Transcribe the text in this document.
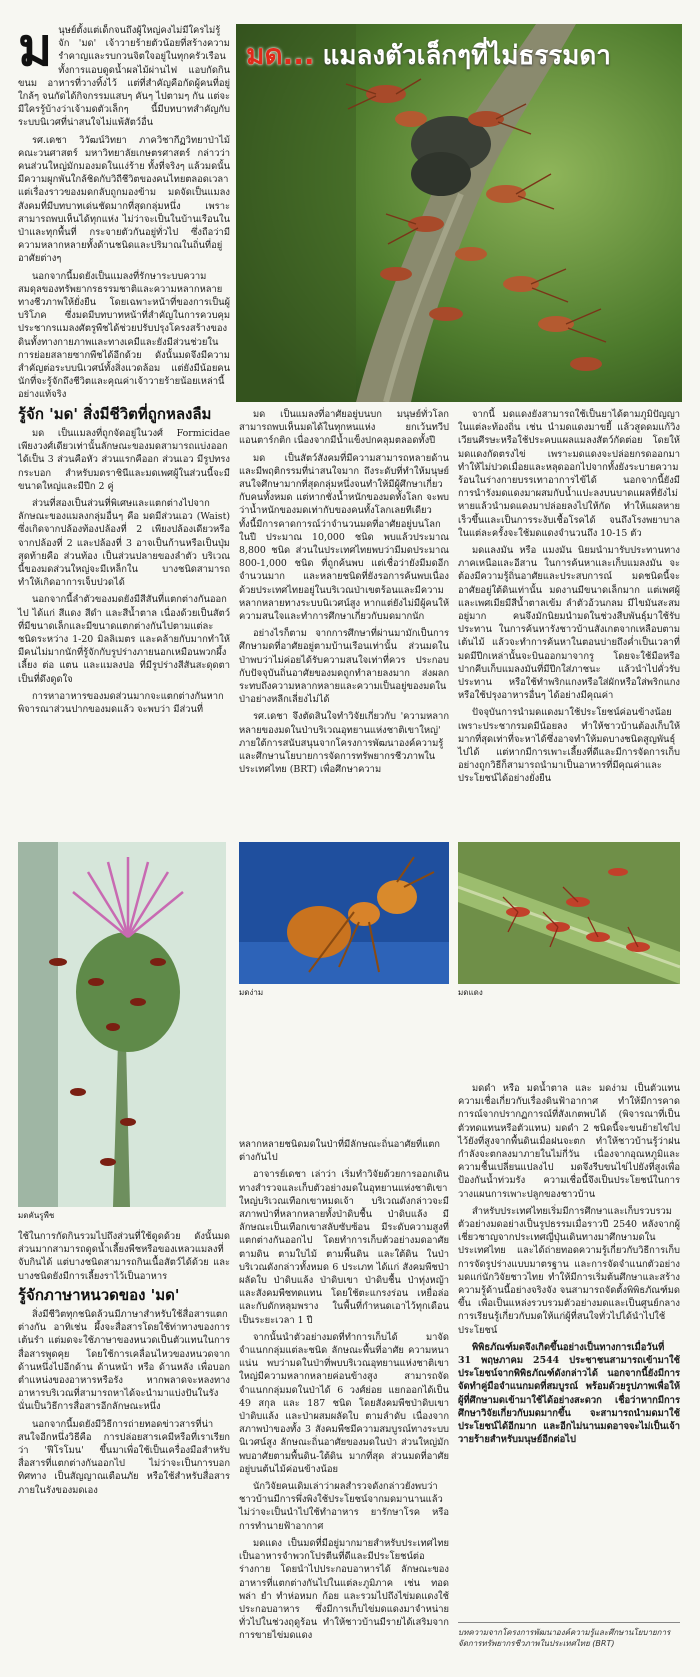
มด... แมลงตัวเล็กๆที่ไม่ธรรมดา

มนุษย์ตั้งแต่เด็กจนถึงผู้ใหญ่คงไม่มีใครไม่รู้จัก 'มด' เจ้าวายร้ายตัวน้อยที่สร้างความรำคาญและรบกวนจิตใจอยู่ในทุกครัวเรือน ทั้งการแอบดูดน้ำผลไม้ผ่านไฟ แอบกัดกินขนม อาหารที่วางทิ้งไว้ แต่ที่สำคัญคือกัดผู้คนที่อยู่ใกล้ๆ จนกัดได้กิจกรรมแสบๆ คันๆ ไปตามๆ กัน แต่จะมีใครรู้บ้างว่าเจ้ามดตัวเล็กๆ นี้มีบทบาทสำคัญกับระบบนิเวศที่น่าสนใจไม่แพ้สัตว์อื่น

รศ.เดชา วิวัฒน์วิทยา ภาควิชากีฏวิทยาป่าไม้ คณะวนศาสตร์ มหาวิทยาลัยเกษตรศาสตร์ กล่าวว่า คนส่วนใหญ่มักมองมดในแง่ร้าย ทั้งที่จริงๆ แล้วมดนั้นมีความผูกพันใกล้ชิดกับวิถีชีวิตของคนไทยตลอดเวลาแต่เรื่องราวของมดกลับถูกมองข้าม มดจัดเป็นแมลงสังคมที่มีบทบาทเด่นชัดมากที่สุดกลุ่มหนึ่ง เพราะสามารถพบเห็นได้ทุกแห่ง ไม่ว่าจะเป็นในบ้านเรือนในป่าและทุกพื้นที่ กระจายตัวกันอยู่ทั่วไป ซึ่งถือว่ามีความหลากหลายทั้งด้านชนิดและปริมาณในถิ่นที่อยู่อาศัยต่างๆ

นอกจากนี้มดยังเป็นแมลงที่รักษาระบบความสมดุลของทรัพยากรธรรมชาติและความหลากหลายทางชีวภาพให้ยั่งยืน โดยเฉพาะหน้าที่ของการเป็นผู้บริโภค ซึ่งมดมีบทบาทหน้าที่สำคัญในการควบคุมประชากรแมลงศัตรูพืชได้ช่วยปรับปรุงโครงสร้างของดินทั้งทางกายภาพและทางเคมีและยังมีส่วนช่วยในการย่อยสลายซากพืชได้อีกด้วย ดังนั้นมดจึงมีความสำคัญต่อระบบนิเวศน์ทั้งสิ่งแวดล้อม แต่ยังมีน้อยคนนักที่จะรู้จักถึงชีวิตและคุณค่าเจ้าวายร้ายน้อยเหล่านี้อย่างแท้จริง

รู้จัก 'มด' สิ่งมีชีวิตที่ถูกหลงลืม

มด เป็นแมลงที่ถูกจัดอยู่ในวงศ์ Formicidae เพียงวงศ์เดียวเท่านั้นลักษณะของมดสามารถแบ่งออกได้เป็น 3 ส่วนคือหัว ส่วนแรกคืออก ส่วนเอว มีรูปทรงกระบอก สำหรับมดราชินีและมดเพศผู้ในส่วนนี้จะมีขนาดใหญ่และมีปีก 2 คู่

ส่วนที่สองเป็นส่วนที่พิเศษและแตกต่างไปจากลักษณะของแมลงกลุ่มอื่นๆ คือ มดมีส่วนเอว (Waist) ซึ่งเกิดจากปล้องท้องปล้องที่ 2 เพียงปล้องเดียวหรือจากปล้องที่ 2 และปล้องที่ 3 อาจเป็นก้านหรือเป็นปุ่ม สุดท้ายคือ ส่วนท้อง เป็นส่วนปลายของลำตัว บริเวณนี้ของมดส่วนใหญ่จะมีเหล็กใน บางชนิดสามารถทำให้เกิดอาการเจ็บปวดได้

นอกจากนี้ลำตัวของมดยังมีสีสันที่แตกต่างกันออกไป ได้แก่ สีแดง สีดำ และสีน้ำตาล เนื่องด้วยเป็นสัตว์ที่มีขนาดเล็กและมีขนาดแตกต่างกันไปตามแต่ละชนิดระหว่าง 1-20 มิลลิเมตร และคล้ายกับมากทำให้มีคนไม่มากนักที่รู้จักกับรูปร่างภายนอกเหมือนพวกผึ้งเลี้ยง ต่อ แตน และแมลงปอ ที่มีรูปร่างสีสันสะดุดตาเป็นที่ดึงดูดใจ

การหาอาหารของมดส่วนมากจะแตกต่างกันหากพิจารณาส่วนปากของมดแล้ว จะพบว่า มีส่วนที่

มด เป็นแมลงที่อาศัยอยู่บนบก มนุษย์ทั่วโลกสามารถพบเห็นมดได้ในทุกหนแห่ง ยกเว้นทวีปแอนตาร์กติก เนื่องจากมีน้ำแข็งปกคลุมตลอดทั้งปี

มด เป็นสัตว์สังคมที่มีความสามารถหลายด้านและมีพฤติกรรมที่น่าสนใจมาก ถึงระดับที่ทำให้มนุษย์สนใจศึกษามากที่สุดกลุ่มหนึ่งจนทำให้มีผู้ศึกษาเกี่ยวกับคนทั้งหมด แต่หากชั่งน้ำหนักของมดทั้งโลก จะพบว่าน้ำหนักของมดเท่ากับของคนทั้งโลกเลยทีเดียว ทั้งนี้มีการคาดการณ์ว่าจำนวนมดที่อาศัยอยู่บนโลกในปี ประมาณ 10,000 ชนิด พบแล้วประมาณ 8,800 ชนิด ส่วนในประเทศไทยพบว่ามีมดประมาณ 800-1,000 ชนิด ที่ถูกค้นพบ แต่เชื่อว่ายังมีมดอีกจำนวนมาก และหลายชนิดที่ยังรอการค้นพบเนื่องด้วยประเทศไทยอยู่ในบริเวณป่าเขตร้อนและมีความหลากหลายทางระบบนิเวศน์สูง หากแต่ยังไม่มีผู้คนให้ความสนใจและทำการศึกษาเกี่ยวกับมดมากนัก

อย่างไรก็ตาม จากการศึกษาที่ผ่านมามักเป็นการศึกษามดที่อาศัยอยู่ตามบ้านเรือนเท่านั้น ส่วนมดในป่าพบว่าไม่ค่อยได้รับความสนใจเท่าที่ควร ประกอบกับปัจจุบันถิ่นอาศัยของมดถูกทำลายลงมาก ส่งผลกระทบถึงความหลากหลายและความเป็นอยู่ของมดในป่าอย่างหลีกเลี่ยงไม่ได้

รศ.เดชา จึงตัดสินใจทำวิจัยเกี่ยวกับ 'ความหลากหลายของมดในป่าบริเวณอุทยานแห่งชาติเขาใหญ่' ภายใต้การสนับสนุนจากโครงการพัฒนาองค์ความรู้และศึกษานโยบายการจัดการทรัพยากรชีวภาพในประเทศไทย (BRT) เพื่อศึกษาความ

จากนี้ มดแดงยังสามารถใช้เป็นยาได้ตามภูมิปัญญาในแต่ละท้องถิ่น เช่น นำมดแดงมาขยี้ แล้วสูดดมแก้วิงเวียนศีรษะหรือใช้ประคบแผลแมลงสัตว์กัดต่อย โดยให้มดแดงกัดตรงไข่ เพราะมดแดงจะปล่อยกรดออกมาทำให้ไม่ปวดเมื่อยและหลุดออกไปจากทั้งยังระบายความร้อนในร่างกายบรรเทาอาการไข้ได้ นอกจากนี้ยังมีการนำรังมดแดงมาผสมกับน้ำแปะลงบนบาดแผลที่ยังไม่หายแล้วนำมดแดงมาปล่อยลงไปให้กัด ทำให้แผลหายเร็วขึ้นและเป็นการระงับเชื้อโรคได้ จนถึงโรงพยาบาล ในแต่ละครั้งจะใช้มดแดงจำนวนถึง 10-15 ตัว

มดแลงมัน หรือ แมงมัน นิยมนำมารับประทานทางภาคเหนือและอีสาน ในการค้นหาและเก็บแมลงมัน จะต้องมีความรู้ถิ่นอาศัยและประสบการณ์ มดชนิดนี้จะอาศัยอยู่ใต้ดินเท่านั้น มดงานมีขนาดเล็กมาก แต่เพศผู้และเพศเมียมีสีน้ำตาลเข้ม ลำตัวอ้วนกลม มีไขมันสะสมอยู่มาก คนจึงมักนิยมนำมดในช่วงสืบพันธุ์มาใช้รับประทาน ในการค้นหารังชาวบ้านสังเกตจากเหลือบตามเต้นไม้ แล้วจะทำการค้นหาในตอนบ่ายถึงค่ำเป็นเวลาที่มดมีปีกเหล่านั้นจะบินออกมาจากรู โดยจะใช้มือหรือปากคีบเก็บแมลงมันที่มีปีกใส่ภาชนะ แล้วนำไปคั่วรับประทาน หรือใช้ทำพริกแกงหรือใส่ผักหรือใส่พริกแกงหรือใช้ปรุงอาหารอื่นๆ ได้อย่างมีคุณค่า

ปัจจุบันการนำมดแดงมาใช้ประโยชน์ค่อนข้างน้อย เพราะประชากรมดมีน้อยลง ทำให้ชาวบ้านต้องเก็บให้มากที่สุดเท่าที่จะหาได้ซึ่งอาจทำให้มดบางชนิดสูญพันธุ์ไปได้ แต่หากมีการเพาะเลี้ยงที่ดีและมีการจัดการเก็บอย่างถูกวิธีก็สามารถนำมาเป็นอาหารที่มีคุณค่าและประโยชน์ได้อย่างยั่งยืน

มดคันรูพืช
มดง่าม	มดแดง

ใช้ในการกัดกินรวมไปถึงส่วนที่ใช้ดูดด้วย ดังนั้นมดส่วนมากสามารถดูดน้ำเลี้ยงพืชหรือของเหลวแมลงที่จับกินได้ แต่บางชนิดสามารถกินเนื้อสัตว์ได้ด้วย และบางชนิดยังมีการเลี้ยงราไว้เป็นอาหาร

รู้จักภาษาหนวดของ 'มด'

สิ่งมีชีวิตทุกชนิดล้วนมีภาษาสำหรับใช้สื่อสารแตกต่างกัน อาทิเช่น ผึ้งจะสื่อสารโดยใช้ท่าทางของการเต้นรำ แต่มดจะใช้ภาษาของหนวดเป็นตัวแทนในการสื่อสารพูดคุย โดยใช้การเคลื่อนไหวของหนวดจากด้านหนึ่งไปอีกด้าน ด้านหน้า หรือ ด้านหลัง เพื่อบอกตำแหน่งของอาหารหรือรัง หากพลาดจะหลงทาง อาหารบริเวณที่สามารถหาได้จะนำมาแบ่งปันในรัง นั่นเป็นวิธีการสื่อสารอีกลักษณะหนึ่ง

นอกจากนี้มดยังมีวิธีการถ่ายทอดข่าวสารที่น่าสนใจอีกหนึ่งวิธีคือ การปล่อยสารเคมีหรือที่เราเรียกว่า 'ฟีโรโมน' ขึ้นมาเพื่อใช้เป็นเครื่องมือสำหรับสื่อสารที่แตกต่างกันออกไป ไม่ว่าจะเป็นการบอกทิศทาง เป็นสัญญาณเตือนภัย หรือใช้สำหรับสื่อสารภายในรังของมดเอง

หลากหลายชนิดมดในป่าที่มีลักษณะถิ่นอาศัยที่แตกต่างกันไป

อาจารย์เดชา เล่าว่า เริ่มทำวิจัยด้วยการออกเดินทางสำรวจและเก็บตัวอย่างมดในอุทยานแห่งชาติเขาใหญ่บริเวณเทือกเขาหมดเจ้า บริเวณดังกล่าวจะมีสภาพป่าที่หลากหลายทั้งป่าดิบชื้น ป่าดิบแล้ง มีลักษณะเป็นเทือกเขาสลับซับซ้อน มีระดับความสูงที่แตกต่างกันออกไป โดยทำการเก็บตัวอย่างมดอาศัยตามดิน ตามใบไม้ ตามพื้นดิน และใต้ดิน ในป่าบริเวณดังกล่าวทั้งหมด 6 ประเภท ได้แก่ สังคมพืชป่าผลัดใบ ป่าดิบแล้ง ป่าดิบเขา ป่าดิบชื้น ป่าทุ่งหญ้า และสังคมพืชทดแทน โดยใช้ตะแกรงร่อน เหยื่อล่อและกับดักหลุมพราง ในพื้นที่กำหนดเอาไว้ทุกเดือน เป็นระยะเวลา 1 ปี

จากนั้นนำตัวอย่างมดที่ทำการเก็บได้ มาจัดจำแนกกลุ่มแต่ละชนิด ลักษณะพื้นที่อาศัย ความหนาแน่น พบว่ามดในป่าที่พบบริเวณอุทยานแห่งชาติเขาใหญ่มีความหลากหลายค่อนข้างสูง สามารถจัดจำแนกกลุ่มมดในป่าได้ 6 วงศ์ย่อย แยกออกได้เป็น 49 สกุล และ 187 ชนิด โดยสังคมพืชป่าดิบเขา ป่าดิบแล้ง และป่าผสมผลัดใบ ตามลำดับ เนื่องจากสภาพป่าของทั้ง 3 สังคมพืชมีความสมบูรณ์ทางระบบนิเวศน์สูง ลักษณะถิ่นอาศัยของมดในป่า ส่วนใหญ่มักพบอาศัยตามพื้นดิน-ใต้ดิน มากที่สุด ส่วนมดที่อาศัยอยู่บนต้นไม้ค่อนข้างน้อย

นักวิจัยคนเดิมเล่าว่าผลสำรวจดังกล่าวยังพบว่า ชาวบ้านมีการพึ่งพิงใช้ประโยชน์จากมดมานานแล้ว ไม่ว่าจะเป็นนำไปใช้ทำอาหาร ยารักษาโรค หรือ การทำนายฟ้าอากาศ

มดแดง เป็นมดที่มีอยู่มากมายสำหรับประเทศไทยเป็นอาหารจำพวกโปรตีนที่ดีและมีประโยชน์ต่อร่างกาย โดยนำไปประกอบอาหารได้ ลักษณะของอาหารที่แตกต่างกันไปในแต่ละภูมิภาค เช่น ทอด พล่า ยำ ทำห่อหมก ก้อย และรวมไปถึงไข่มดแดงใช้ประกอบอาหาร ซึ่งมีการเก็บไข่มดแดงมาจำหน่ายทั่วไปในช่วงฤดูร้อน ทำให้ชาวบ้านมีรายได้เสริมจากการขายไข่มดแดง

มดดำ หรือ มดน้ำตาล และ มดง่าม เป็นตัวแทนความเชื่อเกี่ยวกับเรื่องดินฟ้าอากาศ ทำให้มีการคาดการณ์จากปรากฏการณ์ที่สังเกตพบได้ (พิจารณาที่เป็นตัวทดแทนหรือตัวแทน) มดดำ 2 ชนิดนี้จะขนย้ายไข่ไปไว้ยังที่สูงจากพื้นดินเมื่อฝนจะตก ทำให้ชาวบ้านรู้ว่าฝนกำลังจะตกลงมาภายในไม่กี่วัน เนื่องจากอุณหภูมิและความชื้นเปลี่ยนแปลงไป มดจึงรีบขนไข่ไปยังที่สูงเพื่อป้องกันน้ำท่วมรัง ความเชื่อนี้จึงเป็นประโยชน์ในการวางแผนการเพาะปลูกของชาวบ้าน

สำหรับประเทศไทยเริ่มมีการศึกษาและเก็บรวบรวมตัวอย่างมดอย่างเป็นรูปธรรมเมื่อราวปี 2540 หลังจากผู้เชี่ยวชาญจากประเทศญี่ปุ่นเดินทางมาศึกษามดในประเทศไทย และได้ถ่ายทอดความรู้เกี่ยวกับวิธีการเก็บ การจัดรูปร่างแบบมาตรฐาน และการจัดจำแนกตัวอย่างมดแก่นักวิจัยชาวไทย ทำให้มีการเริ่มต้นศึกษาและสร้างความรู้ด้านนี้อย่างจริงจัง จนสามารถจัดตั้งพิพิธภัณฑ์มดขึ้น เพื่อเป็นแหล่งรวบรวมตัวอย่างมดและเป็นศูนย์กลางการเรียนรู้เกี่ยวกับมดให้แก่ผู้ที่สนใจทั่วไปได้นำไปใช้ประโยชน์

พิพิธภัณฑ์มดจึงเกิดขึ้นอย่างเป็นทางการเมื่อวันที่ 31 พฤษภาคม 2544 ประชาชนสามารถเข้ามาใช้ประโยชน์จากพิพิธภัณฑ์ดังกล่าวได้ นอกจากนี้ยังมีการจัดทำคู่มือจำแนกมดที่สมบูรณ์ พร้อมด้วยรูปภาพเพื่อให้ผู้ที่ศึกษามดเข้ามาใช้ได้อย่างสะดวก เชื่อว่าหากมีการศึกษาวิจัยเกี่ยวกับมดมากขึ้น จะสามารถนำมดมาใช้ประโยชน์ได้อีกมาก และอีกไม่นานมดอาจจะไม่เป็นเจ้าวายร้ายสำหรับมนุษย์อีกต่อไป

บทความจากโครงการพัฒนาองค์ความรู้และศึกษานโยบายการจัดการทรัพยากรชีวภาพในประเทศไทย (BRT)
